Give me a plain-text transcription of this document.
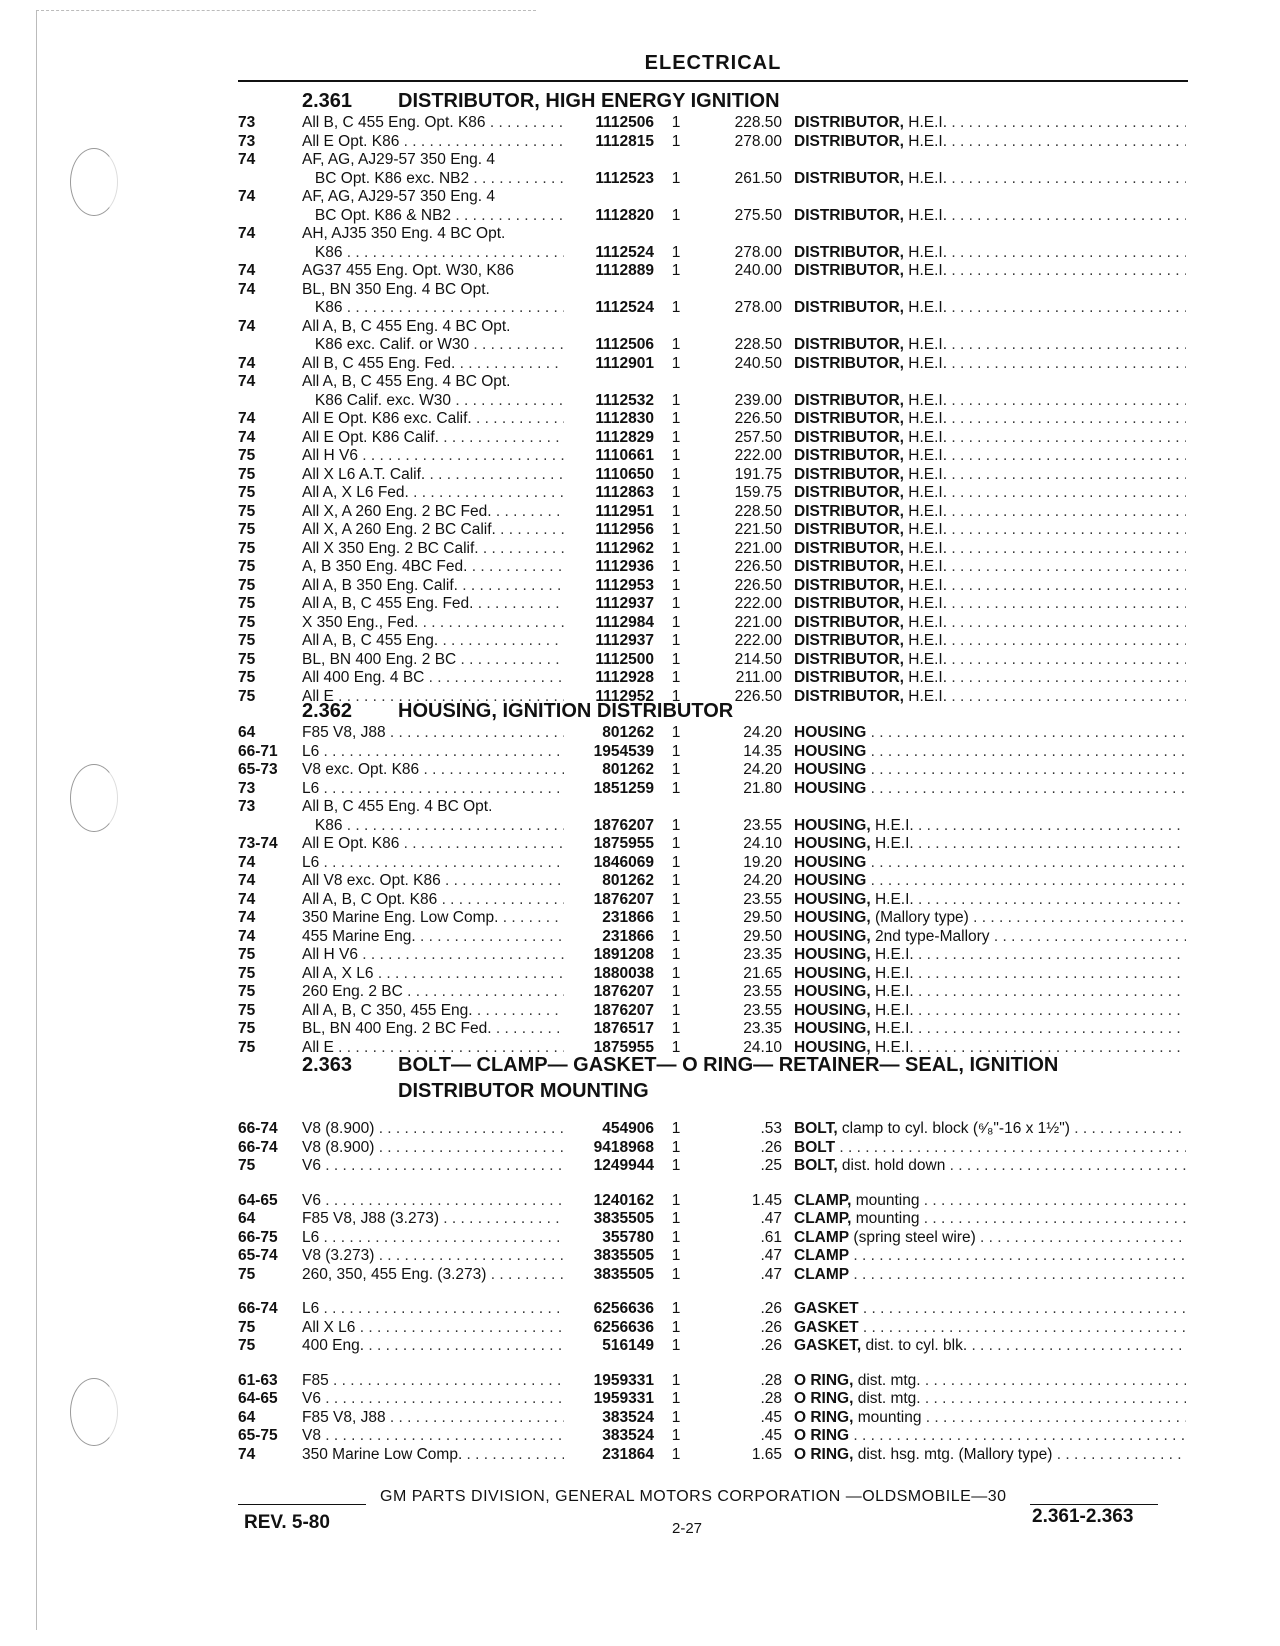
ELECTRICAL
2.361 DISTRIBUTOR, HIGH ENERGY IGNITION
73	All B, C 455 Eng. Opt. K86 . . .	1112506	1	228.50 DISTRIBUTOR, H.E.I. . . .
73	All E Opt. K86 . . .	1112815	1	278.00 DISTRIBUTOR, H.E.I. . . .
74	AF, AG, AJ29-57 350 Eng. 4
BC Opt. K86 exc. NB2 . . .	1112523	1	261.50 DISTRIBUTOR, H.E.I. . . .
74	AF, AG, AJ29-57 350 Eng. 4
BC Opt. K86 & NB2 . . .	1112820	1	275.50 DISTRIBUTOR, H.E.I. . . .
74	AH, AJ35 350 Eng. 4 BC Opt.
K86 . . .	1112524	1	278.00 DISTRIBUTOR, H.E.I. . . .
74	AG37 455 Eng. Opt. W30, K86	1112889	1	240.00 DISTRIBUTOR, H.E.I. . . .
74	BL, BN 350 Eng. 4 BC Opt.
K86 . . .	1112524	1	278.00 DISTRIBUTOR, H.E.I. . . .
74	All A, B, C 455 Eng. 4 BC Opt.
K86 exc. Calif. or W30 . . .	1112506	1	228.50 DISTRIBUTOR, H.E.I. . . .
74	All B, C 455 Eng. Fed. . . .	1112901	1	240.50 DISTRIBUTOR, H.E.I. . . .
74	All A, B, C 455 Eng. 4 BC Opt.
K86 Calif. exc. W30 . . .	1112532	1	239.00 DISTRIBUTOR, H.E.I. . . .
74	All E Opt. K86 exc. Calif. . . .	1112830	1	226.50 DISTRIBUTOR, H.E.I. . . .
74	All E Opt. K86 Calif. . . .	1112829	1	257.50 DISTRIBUTOR, H.E.I. . . .
75	All H V6 . . .	1110661	1	222.00 DISTRIBUTOR, H.E.I. . . .
75	All X L6 A.T. Calif. . . .	1110650	1	191.75 DISTRIBUTOR, H.E.I. . . .
75	All A, X L6 Fed. . . .	1112863	1	159.75 DISTRIBUTOR, H.E.I. . . .
75	All X, A 260 Eng. 2 BC Fed. . . .	1112951	1	228.50 DISTRIBUTOR, H.E.I. . . .
75	All X, A 260 Eng. 2 BC Calif. . . .	1112956	1	221.50 DISTRIBUTOR, H.E.I. . . .
75	All X 350 Eng. 2 BC Calif. . . .	1112962	1	221.00 DISTRIBUTOR, H.E.I. . . .
75	A, B 350 Eng. 4BC Fed. . . .	1112936	1	226.50 DISTRIBUTOR, H.E.I. . . .
75	All A, B 350 Eng. Calif. . . .	1112953	1	226.50 DISTRIBUTOR, H.E.I. . . .
75	All A, B, C 455 Eng. Fed. . . .	1112937	1	222.00 DISTRIBUTOR, H.E.I. . . .
75	X 350 Eng., Fed. . . .	1112984	1	221.00 DISTRIBUTOR, H.E.I. . . .
75	All A, B, C 455 Eng. . . .	1112937	1	222.00 DISTRIBUTOR, H.E.I. . . .
75	BL, BN 400 Eng. 2 BC . . .	1112500	1	214.50 DISTRIBUTOR, H.E.I. . . .
75	All 400 Eng. 4 BC . . .	1112928	1	211.00 DISTRIBUTOR, H.E.I. . . .
75	All E . . .	1112952	1	226.50 DISTRIBUTOR, H.E.I. . . .
2.362 HOUSING, IGNITION DISTRIBUTOR
64	F85 V8, J88 . . .	801262	1	24.20 HOUSING . . .
66-71	L6 . . .	1954539	1	14.35 HOUSING . . .
65-73	V8 exc. Opt. K86 . . .	801262	1	24.20 HOUSING . . .
73	L6 . . .	1851259	1	21.80 HOUSING . . .
73	All B, C 455 Eng. 4 BC Opt.
K86 . . .	1876207	1	23.55 HOUSING, H.E.I. . . .
73-74	All E Opt. K86 . . .	1875955	1	24.10 HOUSING, H.E.I. . . .
74	L6 . . .	1846069	1	19.20 HOUSING . . .
74	All V8 exc. Opt. K86 . . .	801262	1	24.20 HOUSING . . .
74	All A, B, C Opt. K86 . . .	1876207	1	23.55 HOUSING, H.E.I. . . .
74	350 Marine Eng. Low Comp. . . .	231866	1	29.50 HOUSING, (Mallory type) . . .
74	455 Marine Eng. . . .	231866	1	29.50 HOUSING, 2nd type-Mallory . . .
75	All H V6 . . .	1891208	1	23.35 HOUSING, H.E.I. . . .
75	All A, X L6 . . .	1880038	1	21.65 HOUSING, H.E.I. . . .
75	260 Eng. 2 BC . . .	1876207	1	23.55 HOUSING, H.E.I. . . .
75	All A, B, C 350, 455 Eng. . . .	1876207	1	23.55 HOUSING, H.E.I. . . .
75	BL, BN 400 Eng. 2 BC Fed. . . .	1876517	1	23.35 HOUSING, H.E.I. . . .
75	All E . . .	1875955	1	24.10 HOUSING, H.E.I. . . .
2.363 BOLT— CLAMP— GASKET— O RING— RETAINER— SEAL, IGNITION
DISTRIBUTOR MOUNTING
66-74	V8 (8.900) . . .	454906	1	.53 BOLT, clamp to cyl. block (⁶⁄₈"-16 x 1½") . . .
66-74	V8 (8.900) . . .	9418968	1	.26 BOLT . . .
75	V6 . . .	1249944	1	.25 BOLT, dist. hold down . . .
64-65	V6 . . .	1240162	1	1.45 CLAMP, mounting . . .
64	F85 V8, J88 (3.273) . . .	3835505	1	.47 CLAMP, mounting . . .
66-75	L6 . . .	355780	1	.61 CLAMP (spring steel wire) . . .
65-74	V8 (3.273) . . .	3835505	1	.47 CLAMP . . .
75	260, 350, 455 Eng. (3.273) . . .	3835505	1	.47 CLAMP . . .
66-74	L6 . . .	6256636	1	.26 GASKET . . .
75	All X L6 . . .	6256636	1	.26 GASKET . . .
75	400 Eng. . . .	516149	1	.26 GASKET, dist. to cyl. blk. . . .
61-63	F85 . . .	1959331	1	.28 O RING, dist. mtg. . . .
64-65	V6 . . .	1959331	1	.28 O RING, dist. mtg. . . .
64	F85 V8, J88 . . .	383524	1	.45 O RING, mounting . . .
65-75	V8 . . .	383524	1	.45 O RING . . .
74	350 Marine Low Comp. . . .	231864	1	1.65 O RING, dist. hsg. mtg. (Mallory type) . . .
GM PARTS DIVISION, GENERAL MOTORS CORPORATION —OLDSMOBILE—30
REV. 5-80	2-27
2.361-2.363
